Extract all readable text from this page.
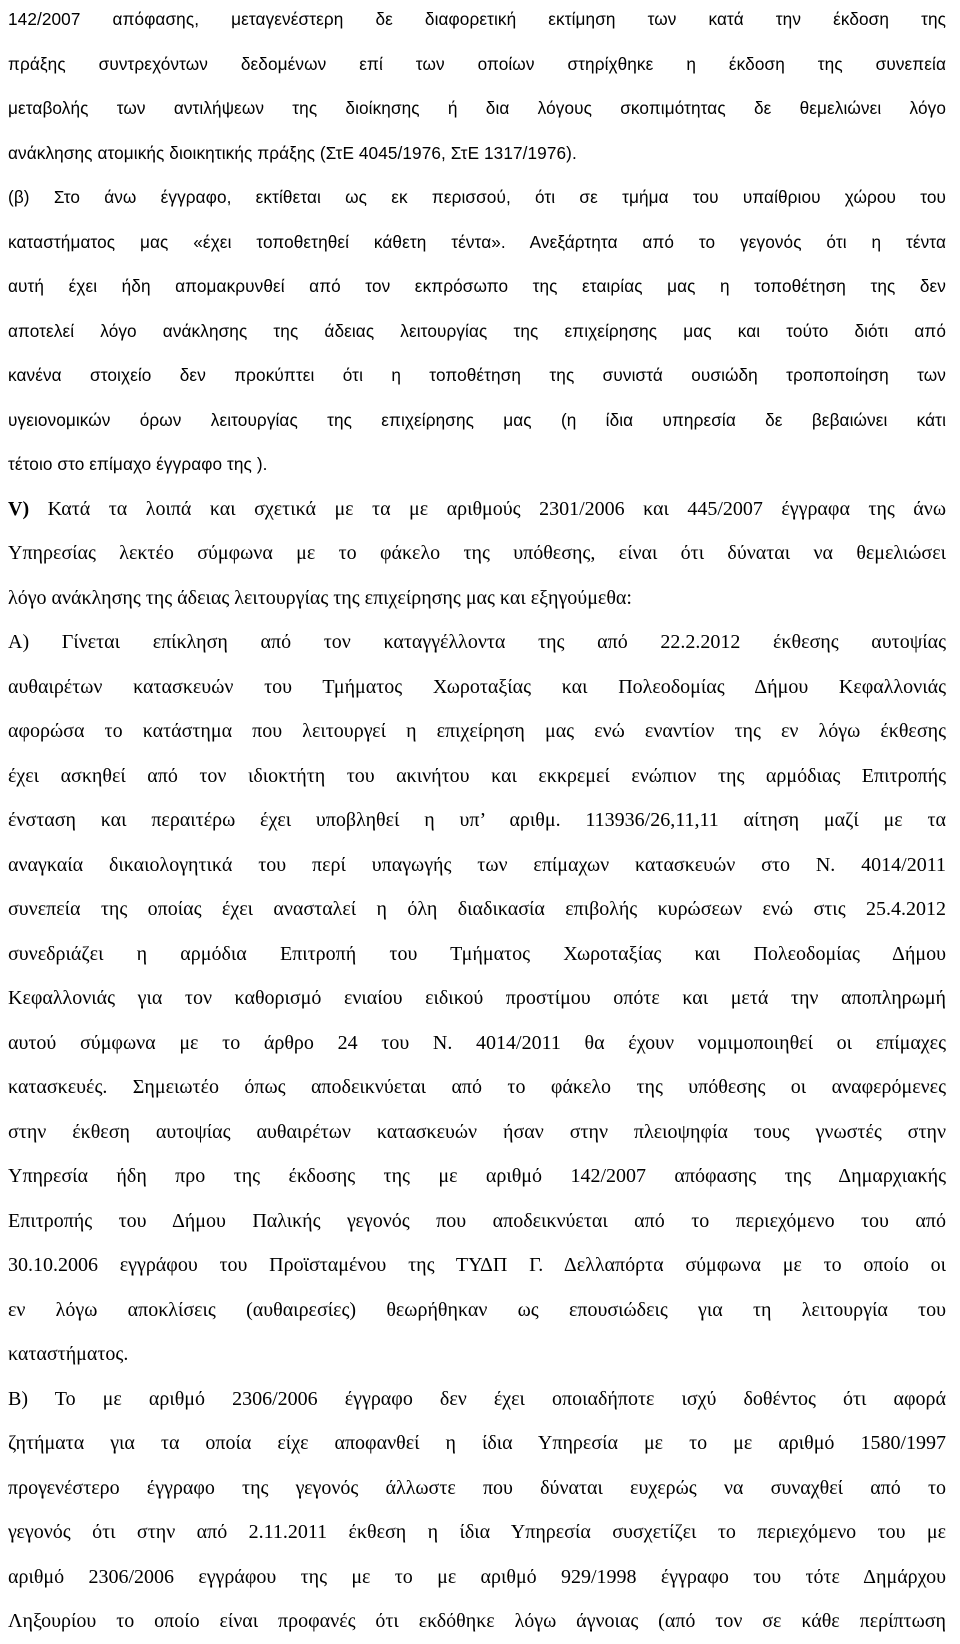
142/2007 απόφασης, μεταγενέστερη δε διαφορετική εκτίμηση των κατά την έκδοση της
πράξης συντρεχόντων δεδομένων επί των οποίων στηρίχθηκε η έκδοση της συνεπεία
μεταβολής των αντιλήψεων της διοίκησης ή δια λόγους σκοπιμότητας δε θεμελιώνει λόγο
ανάκλησης ατομικής διοικητικής πράξης (ΣτΕ 4045/1976, ΣτΕ 1317/1976).
(β) Στο άνω έγγραφο, εκτίθεται ως εκ περισσού, ότι σε τμήμα του υπαίθριου χώρου του
καταστήματος μας «έχει τοποθετηθεί κάθετη τέντα». Ανεξάρτητα από το γεγονός ότι η τέντα
αυτή έχει ήδη απομακρυνθεί από τον εκπρόσωπο της εταιρίας μας η τοποθέτηση της δεν
αποτελεί λόγο ανάκλησης της άδειας λειτουργίας της επιχείρησης μας και τούτο διότι από
κανένα στοιχείο δεν προκύπτει ότι η τοποθέτηση της συνιστά ουσιώδη τροποποίηση των
υγειονομικών όρων λειτουργίας της επιχείρησης μας (η ίδια υπηρεσία δε βεβαιώνει κάτι
τέτοιο στο επίμαχο έγγραφο της ).
V) Κατά τα λοιπά και σχετικά με τα με αριθμούς 2301/2006 και 445/2007 έγγραφα της άνω
Υπηρεσίας λεκτέο σύμφωνα με το φάκελο της υπόθεσης, είναι ότι δύναται να θεμελιώσει
λόγο ανάκλησης της άδειας λειτουργίας της επιχείρησης μας και εξηγούμεθα:
Α) Γίνεται επίκληση από τον καταγγέλλοντα της από 22.2.2012 έκθεσης αυτοψίας
αυθαιρέτων κατασκευών του Τμήματος Χωροταξίας και Πολεοδομίας Δήμου Κεφαλλονιάς
αφορώσα το κατάστημα που λειτουργεί η επιχείρηση μας ενώ εναντίον της εν λόγω έκθεσης
έχει ασκηθεί από τον ιδιοκτήτη του ακινήτου και εκκρεμεί ενώπιον της αρμόδιας Επιτροπής
ένσταση και περαιτέρω έχει υποβληθεί η υπ’ αριθμ. 113936/26,11,11 αίτηση μαζί με τα
αναγκαία δικαιολογητικά του περί υπαγωγής των επίμαχων κατασκευών στο Ν. 4014/2011
συνεπεία της οποίας έχει ανασταλεί η όλη διαδικασία επιβολής κυρώσεων ενώ στις 25.4.2012
συνεδριάζει η αρμόδια Επιτροπή του Τμήματος Χωροταξίας και Πολεοδομίας Δήμου
Κεφαλλονιάς για τον καθορισμό ενιαίου ειδικού προστίμου οπότε και μετά την αποπληρωμή
αυτού σύμφωνα με το άρθρο 24 του Ν. 4014/2011 θα έχουν νομιμοποιηθεί οι επίμαχες
κατασκευές. Σημειωτέο όπως αποδεικνύεται από το φάκελο της υπόθεσης οι αναφερόμενες
στην έκθεση αυτοψίας αυθαιρέτων κατασκευών ήσαν στην πλειοψηφία τους γνωστές στην
Υπηρεσία ήδη προ της έκδοσης της με αριθμό 142/2007 απόφασης της Δημαρχιακής
Επιτροπής του Δήμου Παλικής γεγονός που αποδεικνύεται από το περιεχόμενο του από
30.10.2006 εγγράφου του Προϊσταμένου της ΤΥΔΠ Γ. Δελλαπόρτα σύμφωνα με το οποίο οι
εν λόγω αποκλίσεις (αυθαιρεσίες) θεωρήθηκαν ως επουσιώδεις για τη λειτουργία του
καταστήματος.
Β) Το με αριθμό 2306/2006 έγγραφο δεν έχει οποιαδήποτε ισχύ δοθέντος ότι αφορά
ζητήματα για τα οποία είχε αποφανθεί η ίδια Υπηρεσία με το με αριθμό 1580/1997
προγενέστερο έγγραφο της γεγονός άλλωστε που δύναται ευχερώς να συναχθεί από το
γεγονός ότι στην από 2.11.2011 έκθεση η ίδια Υπηρεσία συσχετίζει το περιεχόμενο του με
αριθμό 2306/2006 εγγράφου της με το με αριθμό 929/1998 έγγραφο του τότε Δημάρχου
Ληξουρίου το οποίο είναι προφανές ότι εκδόθηκε λόγω άγνοιας (από τον σε κάθε περίπτωση
